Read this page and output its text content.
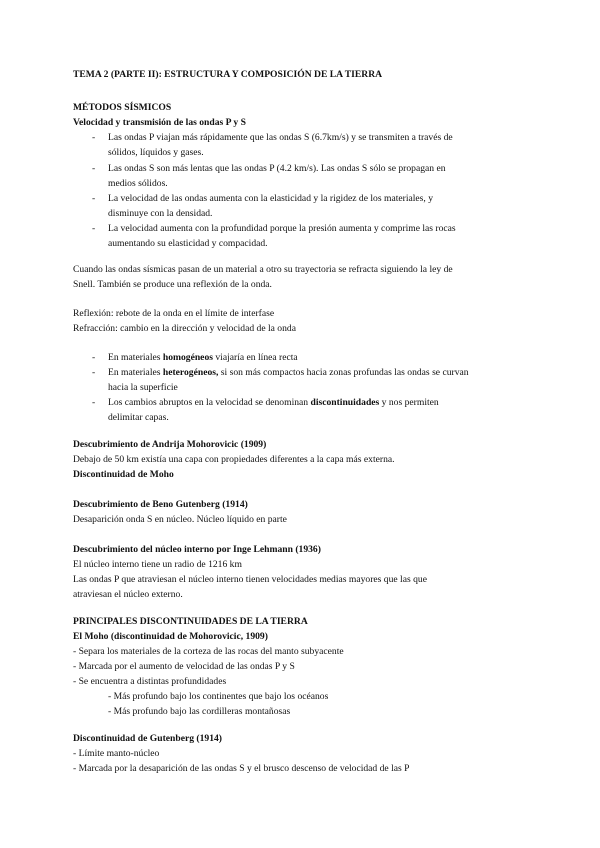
TEMA 2 (PARTE II): ESTRUCTURA Y COMPOSICIÓN DE LA TIERRA
MÉTODOS SÍSMICOS
Velocidad y transmisión de las ondas P y S
- Las ondas P viajan más rápidamente que las ondas S (6.7km/s) y se transmiten a través de
sólidos, líquidos y gases.
- Las ondas S son más lentas que las ondas P (4.2 km/s). Las ondas S sólo se propagan en
medios sólidos.
- La velocidad de las ondas aumenta con la elasticidad y la rigidez de los materiales, y
disminuye con la densidad.
- La velocidad aumenta con la profundidad porque la presión aumenta y comprime las rocas
aumentando su elasticidad y compacidad.
Cuando las ondas sísmicas pasan de un material a otro su trayectoria se refracta siguiendo la ley de
Snell. También se produce una reflexión de la onda.
Reflexión: rebote de la onda en el límite de interfase
Refracción: cambio en la dirección y velocidad de la onda
- En materiales homogéneos viajaría en línea recta
- En materiales heterogéneos, si son más compactos hacia zonas profundas las ondas se curvan
hacia la superficie
- Los cambios abruptos en la velocidad se denominan discontinuidades y nos permiten
delimitar capas.
Descubrimiento de Andrija Mohorovicic (1909)
Debajo de 50 km existía una capa con propiedades diferentes a la capa más externa.
Discontinuidad de Moho
Descubrimiento de Beno Gutenberg (1914)
Desaparición onda S en núcleo. Núcleo líquido en parte
Descubrimiento del núcleo interno por Inge Lehmann (1936)
El núcleo interno tiene un radio de 1216 km
Las ondas P que atraviesan el núcleo interno tienen velocidades medias mayores que las que
atraviesan el núcleo externo.
PRINCIPALES DISCONTINUIDADES DE LA TIERRA
El Moho (discontinuidad de Mohorovicic, 1909)
- Separa los materiales de la corteza de las rocas del manto subyacente
- Marcada por el aumento de velocidad de las ondas P y S
- Se encuentra a distintas profundidades
- Más profundo bajo los continentes que bajo los océanos
- Más profundo bajo las cordilleras montañosas
Discontinuidad de Gutenberg (1914)
- Límite manto-núcleo
- Marcada por la desaparición de las ondas S y el brusco descenso de velocidad de las P
